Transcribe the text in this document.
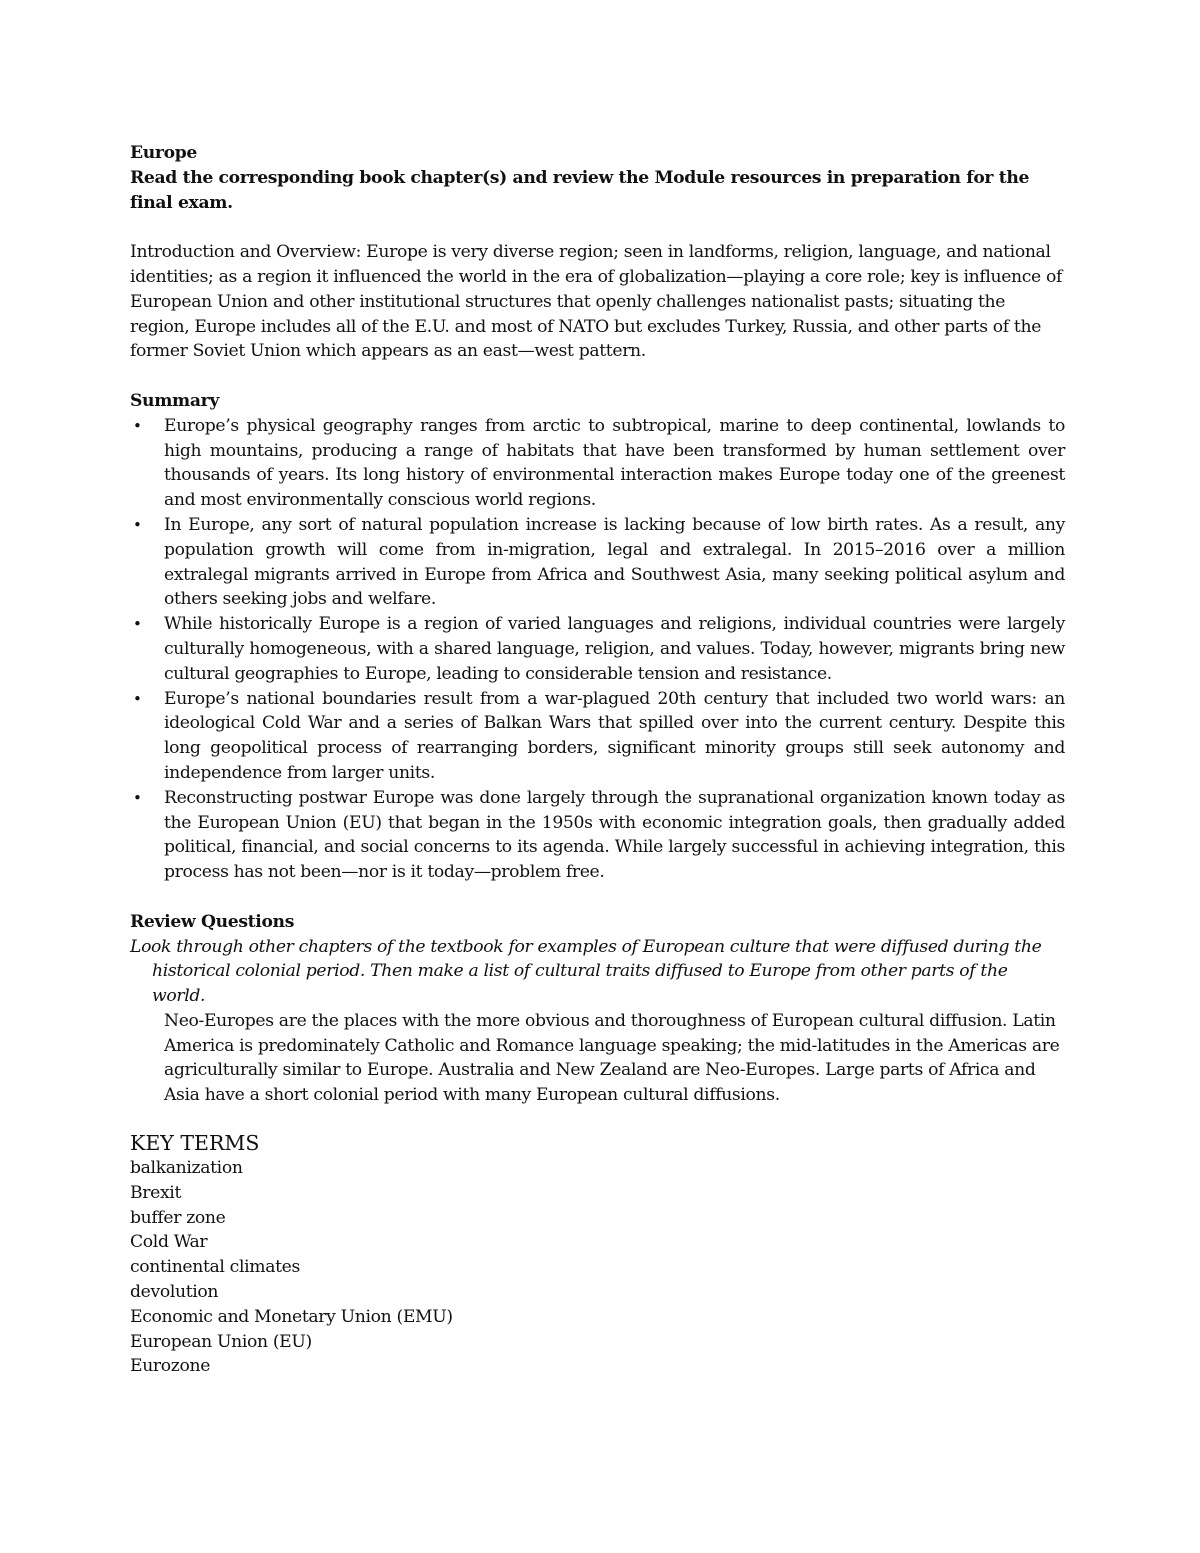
Europe
Read the corresponding book chapter(s) and review the Module resources in preparation for the final exam.

Introduction and Overview: Europe is very diverse region; seen in landforms, religion, language, and national identities; as a region it influenced the world in the era of globalization—playing a core role; key is influence of European Union and other institutional structures that openly challenges nationalist pasts; situating the region, Europe includes all of the E.U. and most of NATO but excludes Turkey, Russia, and other parts of the former Soviet Union which appears as an east—west pattern.

Summary
• Europe’s physical geography ranges from arctic to subtropical, marine to deep continental, lowlands to high mountains, producing a range of habitats that have been transformed by human settlement over thousands of years. Its long history of environmental interaction makes Europe today one of the greenest and most environmentally conscious world regions.
• In Europe, any sort of natural population increase is lacking because of low birth rates. As a result, any population growth will come from in-migration, legal and extralegal. In 2015–2016 over a million extralegal migrants arrived in Europe from Africa and Southwest Asia, many seeking political asylum and others seeking jobs and welfare.
• While historically Europe is a region of varied languages and religions, individual countries were largely culturally homogeneous, with a shared language, religion, and values. Today, however, migrants bring new cultural geographies to Europe, leading to considerable tension and resistance.
• Europe’s national boundaries result from a war-plagued 20th century that included two world wars: an ideological Cold War and a series of Balkan Wars that spilled over into the current century. Despite this long geopolitical process of rearranging borders, significant minority groups still seek autonomy and independence from larger units.
• Reconstructing postwar Europe was done largely through the supranational organization known today as the European Union (EU) that began in the 1950s with economic integration goals, then gradually added political, financial, and social concerns to its agenda. While largely successful in achieving integration, this process has not been—nor is it today—problem free.
Review Questions
Look through other chapters of the textbook for examples of European culture that were diffused during the historical colonial period. Then make a list of cultural traits diffused to Europe from other parts of the world.
Neo-Europes are the places with the more obvious and thoroughness of European cultural diffusion. Latin America is predominately Catholic and Romance language speaking; the mid-latitudes in the Americas are agriculturally similar to Europe. Australia and New Zealand are Neo-Europes. Large parts of Africa and Asia have a short colonial period with many European cultural diffusions.
KEY TERMS
balkanization
Brexit
buffer zone
Cold War
continental climates
devolution
Economic and Monetary Union (EMU)
European Union (EU)
Eurozone
